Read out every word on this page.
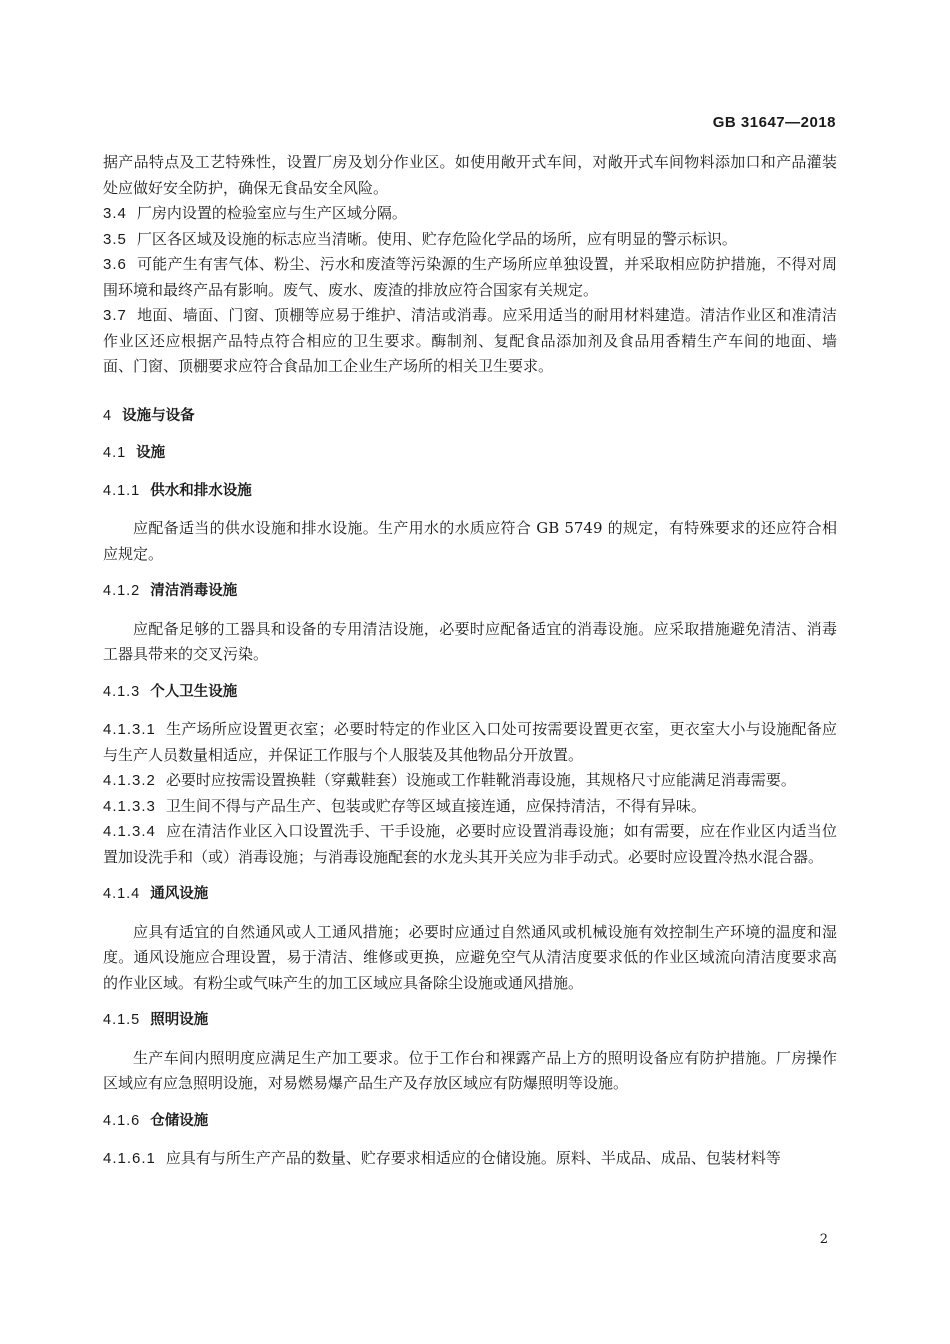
GB 31647—2018

据产品特点及工艺特殊性，设置厂房及划分作业区。如使用敞开式车间，对敞开式车间物料添加口和产品灌装处应做好安全防护，确保无食品安全风险。

3.4 厂房内设置的检验室应与生产区域分隔。

3.5 厂区各区域及设施的标志应当清晰。使用、贮存危险化学品的场所，应有明显的警示标识。

3.6 可能产生有害气体、粉尘、污水和废渣等污染源的生产场所应单独设置，并采取相应防护措施，不得对周围环境和最终产品有影响。废气、废水、废渣的排放应符合国家有关规定。

3.7 地面、墙面、门窗、顶棚等应易于维护、清洁或消毒。应采用适当的耐用材料建造。清洁作业区和准清洁作业区还应根据产品特点符合相应的卫生要求。酶制剂、复配食品添加剂及食品用香精生产车间的地面、墙面、门窗、顶棚要求应符合食品加工企业生产场所的相关卫生要求。

4 设施与设备

4.1 设施

4.1.1 供水和排水设施

应配备适当的供水设施和排水设施。生产用水的水质应符合 GB 5749 的规定，有特殊要求的还应符合相应规定。

4.1.2 清洁消毒设施

应配备足够的工器具和设备的专用清洁设施，必要时应配备适宜的消毒设施。应采取措施避免清洁、消毒工器具带来的交叉污染。

4.1.3 个人卫生设施

4.1.3.1 生产场所应设置更衣室；必要时特定的作业区入口处可按需要设置更衣室，更衣室大小与设施配备应与生产人员数量相适应，并保证工作服与个人服装及其他物品分开放置。

4.1.3.2 必要时应按需设置换鞋（穿戴鞋套）设施或工作鞋靴消毒设施，其规格尺寸应能满足消毒需要。

4.1.3.3 卫生间不得与产品生产、包装或贮存等区域直接连通，应保持清洁，不得有异味。

4.1.3.4 应在清洁作业区入口设置洗手、干手设施，必要时应设置消毒设施；如有需要，应在作业区内适当位置加设洗手和（或）消毒设施；与消毒设施配套的水龙头其开关应为非手动式。必要时应设置冷热水混合器。

4.1.4 通风设施

应具有适宜的自然通风或人工通风措施；必要时应通过自然通风或机械设施有效控制生产环境的温度和湿度。通风设施应合理设置，易于清洁、维修或更换，应避免空气从清洁度要求低的作业区域流向清洁度要求高的作业区域。有粉尘或气味产生的加工区域应具备除尘设施或通风措施。

4.1.5 照明设施

生产车间内照明度应满足生产加工要求。位于工作台和裸露产品上方的照明设备应有防护措施。厂房操作区域应有应急照明设施，对易燃易爆产品生产及存放区域应有防爆照明等设施。

4.1.6 仓储设施

4.1.6.1 应具有与所生产产品的数量、贮存要求相适应的仓储设施。原料、半成品、成品、包装材料等

2
